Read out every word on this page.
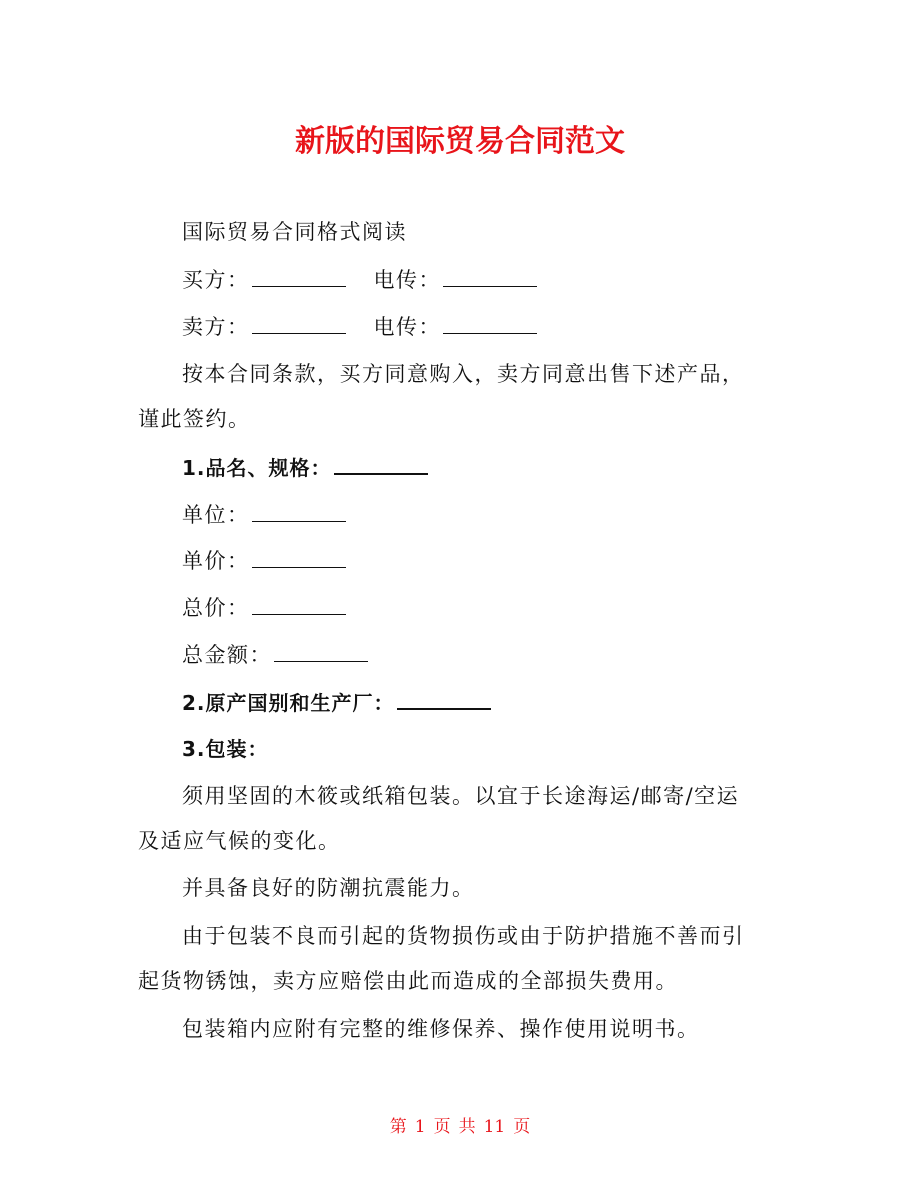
新版的国际贸易合同范文
国际贸易合同格式阅读
买方：	电传：
卖方：	电传：
按本合同条款，买方同意购入，卖方同意出售下述产品，
谨此签约。
1.品名、规格：
单位：
单价：
总价：
总金额：
2.原产国别和生产厂：
3.包装：
须用坚固的木筱或纸箱包装。以宜于长途海运/邮寄/空运
及适应气候的变化。
并具备良好的防潮抗震能力。
由于包装不良而引起的货物损伤或由于防护措施不善而引
起货物锈蚀，卖方应赔偿由此而造成的全部损失费用。
包装箱内应附有完整的维修保养、操作使用说明书。
第 1 页 共 11 页
